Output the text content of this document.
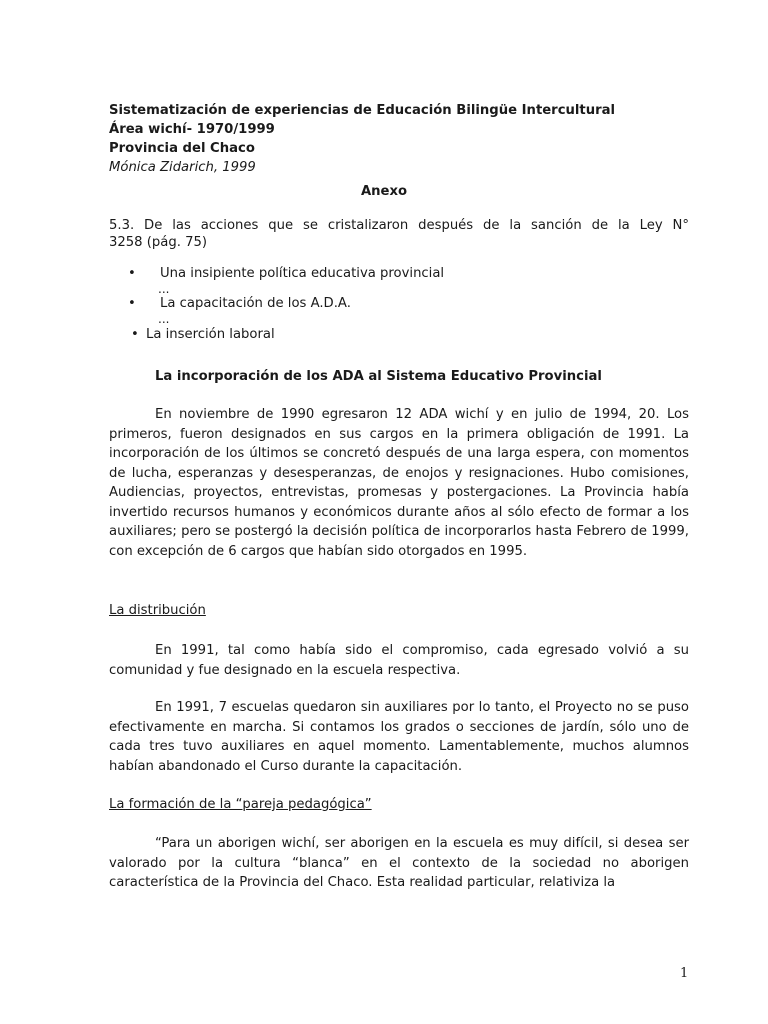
Sistematización de experiencias de Educación Bilingüe Intercultural
Área wichí- 1970/1999
Provincia del Chaco
Mónica Zidarich, 1999
Anexo
5.3. De las acciones que se cristalizaron después de la sanción de la Ley N°
3258 (pág. 75)
• Una insipiente política educativa provincial
...
• La capacitación de los A.D.A.
...
• La inserción laboral
La incorporación de los ADA al Sistema Educativo Provincial
En noviembre de 1990 egresaron 12 ADA wichí y en julio de 1994, 20. Los primeros, fueron designados en sus cargos en la primera obligación de 1991. La incorporación de los últimos se concretó después de una larga espera, con momentos de lucha, esperanzas y desesperanzas, de enojos y resignaciones. Hubo comisiones, Audiencias, proyectos, entrevistas, promesas y postergaciones. La Provincia había invertido recursos humanos y económicos durante años al sólo efecto de formar a los auxiliares; pero se postergó la decisión política de incorporarlos hasta Febrero de 1999, con excepción de 6 cargos que habían sido otorgados en 1995.
La distribución
En 1991, tal como había sido el compromiso, cada egresado volvió a su comunidad y fue designado en la escuela respectiva.
En 1991, 7 escuelas quedaron sin auxiliares por lo tanto, el Proyecto no se puso efectivamente en marcha. Si contamos los grados o secciones de jardín, sólo uno de cada tres tuvo auxiliares en aquel momento. Lamentablemente, muchos alumnos habían abandonado el Curso durante la capacitación.
La formación de la “pareja pedagógica”
“Para un aborigen wichí, ser aborigen en la escuela es muy difícil, si desea ser valorado por la cultura “blanca” en el contexto de la sociedad no aborigen característica de la Provincia del Chaco. Esta realidad particular, relativiza la
1
